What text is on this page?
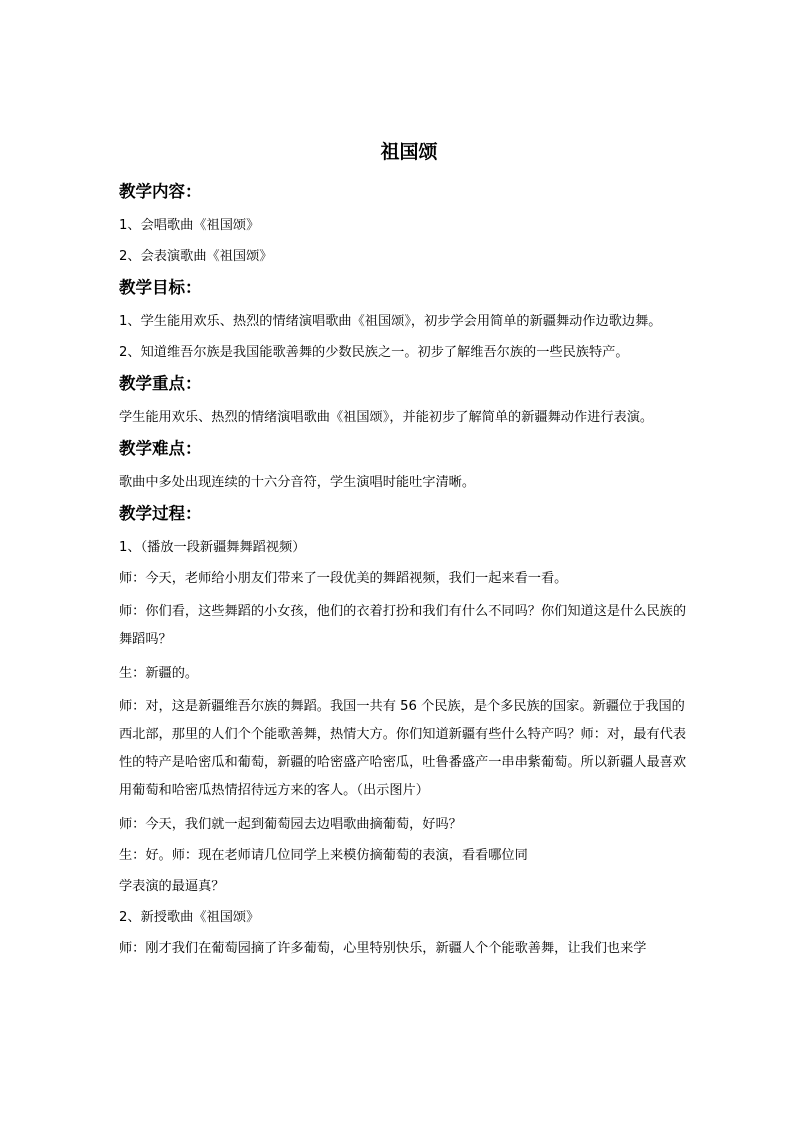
祖国颂
教学内容：
1、会唱歌曲《祖国颂》
2、会表演歌曲《祖国颂》
教学目标：
1、学生能用欢乐、热烈的情绪演唱歌曲《祖国颂》，初步学会用简单的新疆舞动作边歌边舞。
2、知道维吾尔族是我国能歌善舞的少数民族之一。初步了解维吾尔族的一些民族特产。
教学重点：
学生能用欢乐、热烈的情绪演唱歌曲《祖国颂》，并能初步了解简单的新疆舞动作进行表演。
教学难点：
歌曲中多处出现连续的十六分音符，学生演唱时能吐字清晰。
教学过程：
1、（播放一段新疆舞舞蹈视频）
师：今天，老师给小朋友们带来了一段优美的舞蹈视频，我们一起来看一看。
师：你们看，这些舞蹈的小女孩，他们的衣着打扮和我们有什么不同吗？你们知道这是什么民族的舞蹈吗？
生：新疆的。
师：对，这是新疆维吾尔族的舞蹈。我国一共有 56 个民族，是个多民族的国家。新疆位于我国的西北部，那里的人们个个能歌善舞，热情大方。你们知道新疆有些什么特产吗？师：对，最有代表性的特产是哈密瓜和葡萄，新疆的哈密盛产哈密瓜，吐鲁番盛产一串串紫葡萄。所以新疆人最喜欢用葡萄和哈密瓜热情招待远方来的客人。（出示图片）
师：今天，我们就一起到葡萄园去边唱歌曲摘葡萄，好吗？
生：好。师：现在老师请几位同学上来模仿摘葡萄的表演，看看哪位同
学表演的最逼真？
2、新授歌曲《祖国颂》
师：刚才我们在葡萄园摘了许多葡萄，心里特别快乐，新疆人个个能歌善舞，让我们也来学
